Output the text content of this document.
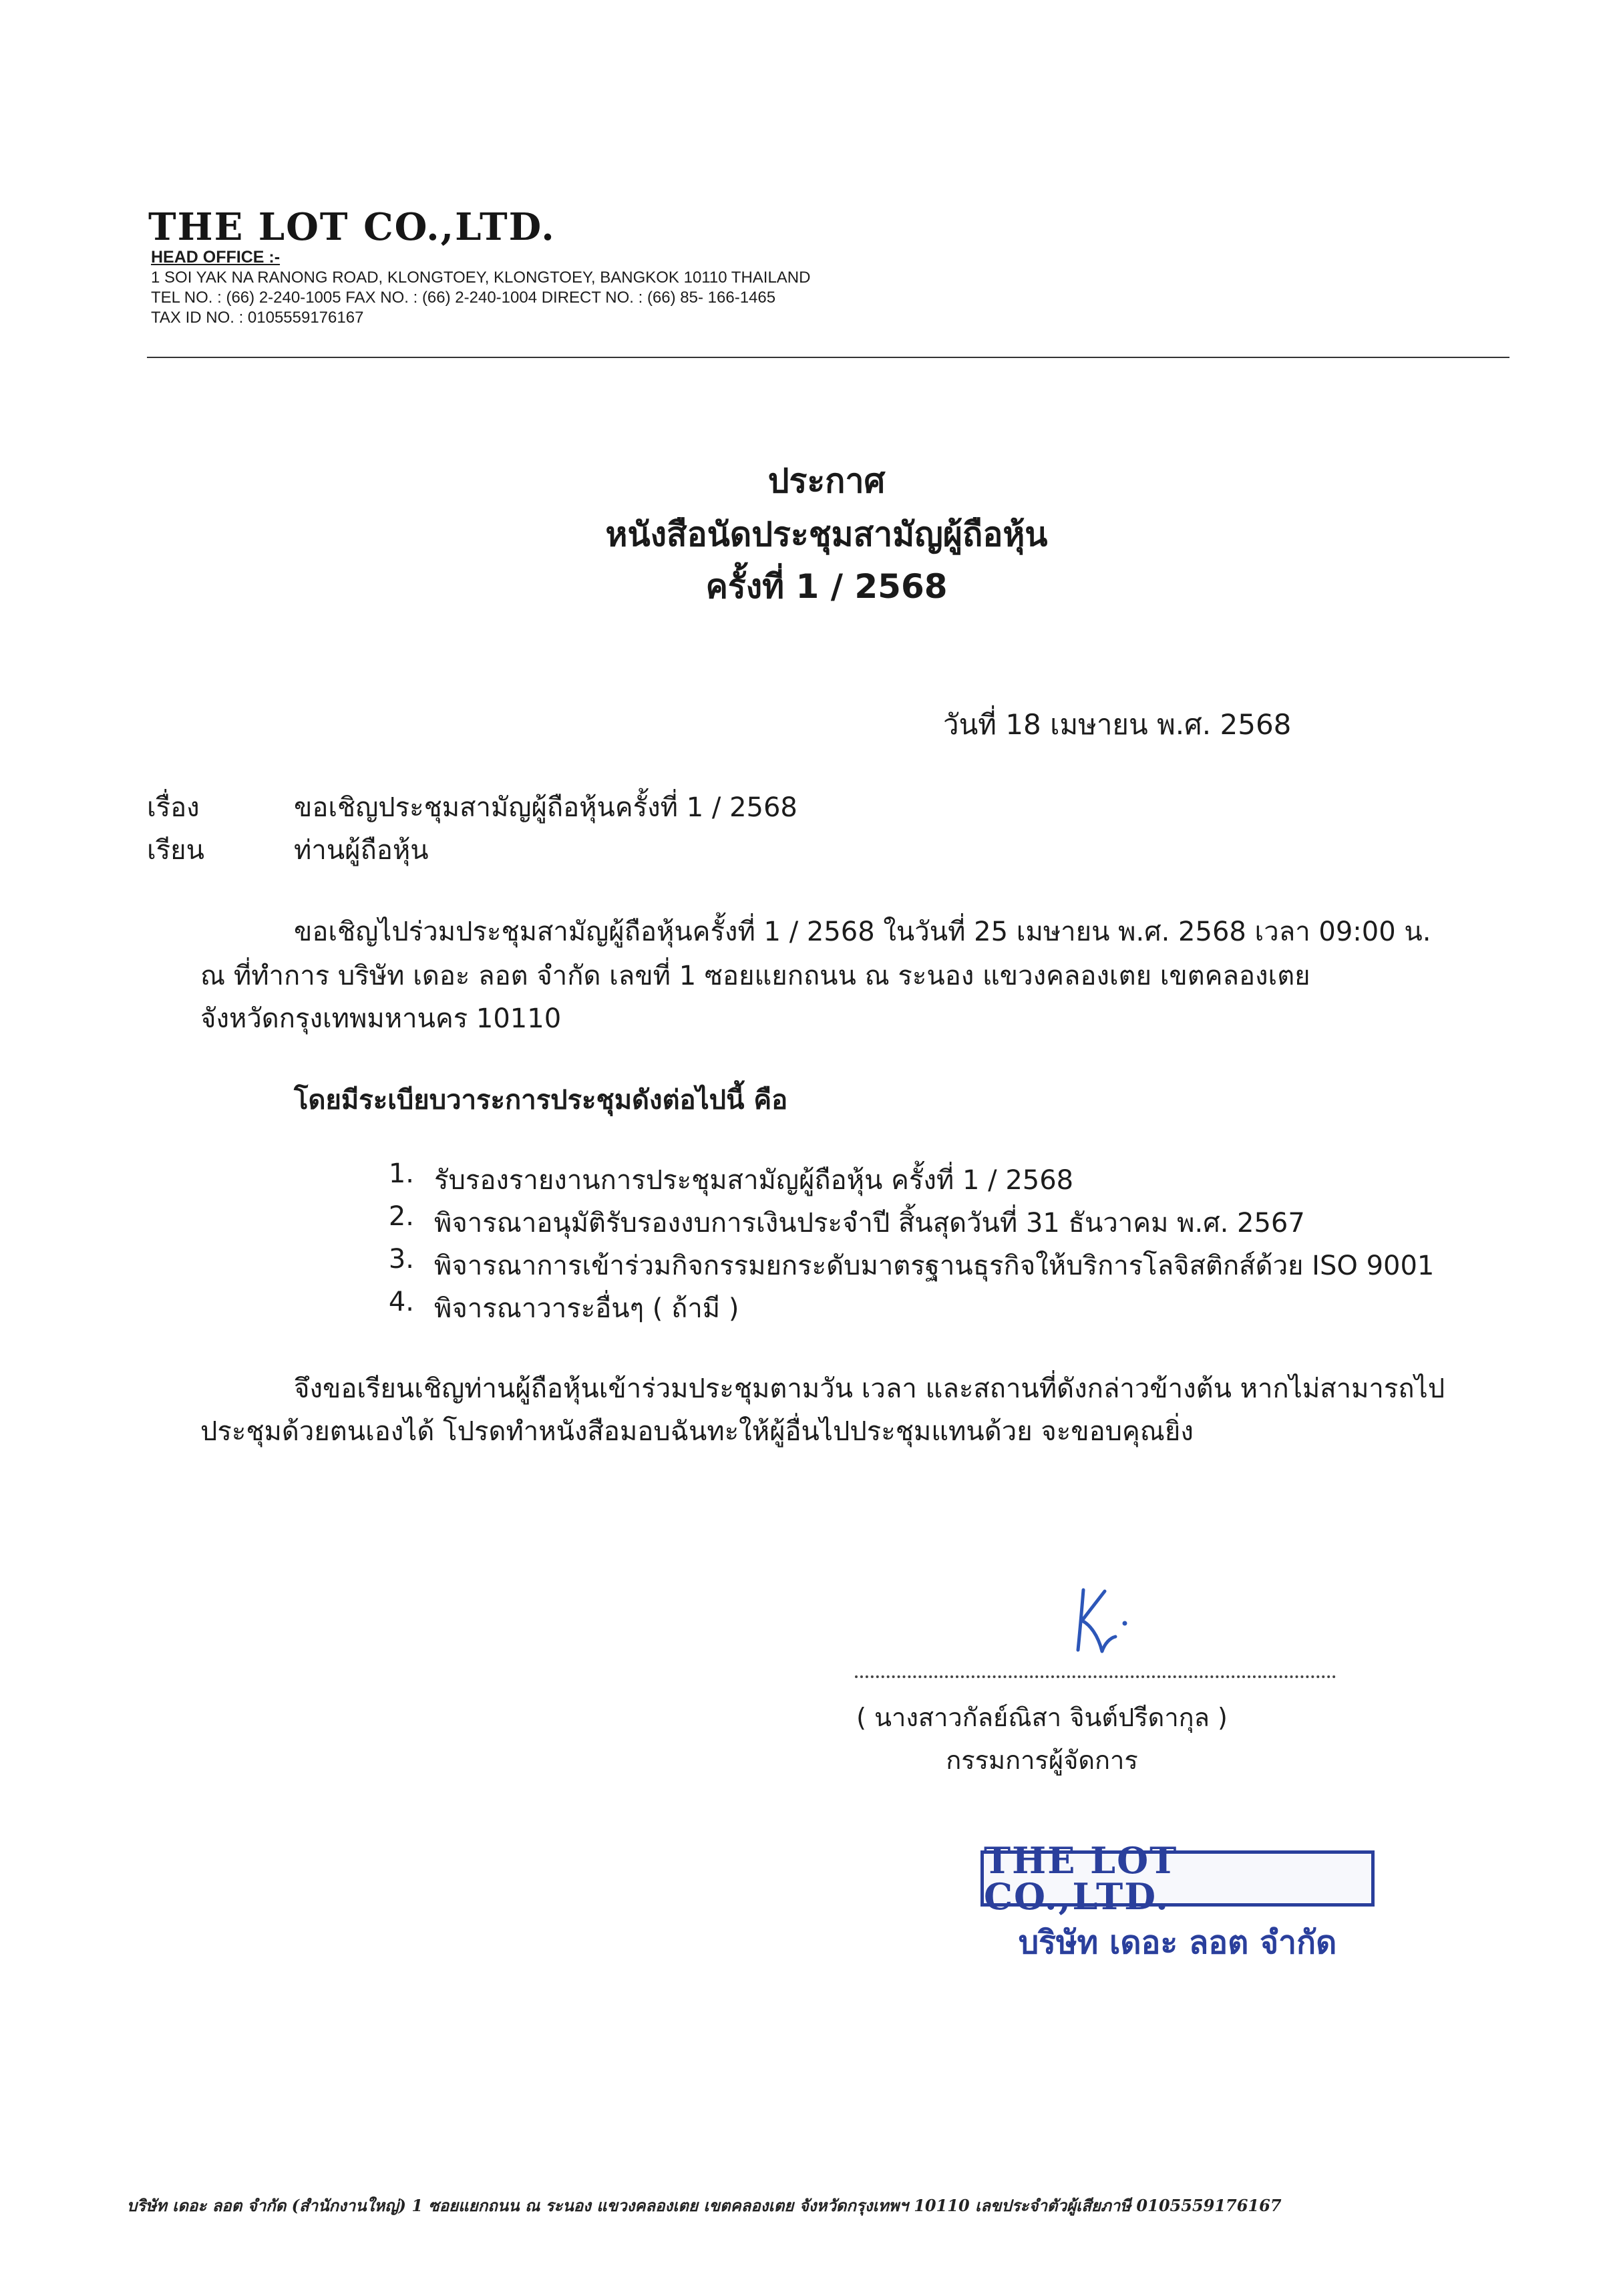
THE LOT CO.,LTD.
HEAD OFFICE :-
1 SOI YAK NA RANONG ROAD, KLONGTOEY, KLONGTOEY, BANGKOK 10110 THAILAND
TEL NO. : (66) 2-240-1005 FAX NO. : (66) 2-240-1004 DIRECT NO. : (66) 85- 166-1465
TAX ID NO. : 0105559176167
ประกาศ
หนังสือนัดประชุมสามัญผู้ถือหุ้น
ครั้งที่ 1 / 2568
วันที่ 18 เมษายน พ.ศ. 2568
เรื่อง	ขอเชิญประชุมสามัญผู้ถือหุ้นครั้งที่ 1 / 2568
เรียน	ท่านผู้ถือหุ้น
ขอเชิญไปร่วมประชุมสามัญผู้ถือหุ้นครั้งที่ 1 / 2568 ในวันที่ 25 เมษายน พ.ศ. 2568 เวลา 09:00 น.
ณ ที่ทำการ บริษัท เดอะ ลอต จำกัด เลขที่ 1 ซอยแยกถนน ณ ระนอง แขวงคลองเตย เขตคลองเตย
จังหวัดกรุงเทพมหานคร 10110
โดยมีระเบียบวาระการประชุมดังต่อไปนี้ คือ
1. รับรองรายงานการประชุมสามัญผู้ถือหุ้น ครั้งที่ 1 / 2568
2. พิจารณาอนุมัติรับรองงบการเงินประจำปี สิ้นสุดวันที่ 31 ธันวาคม พ.ศ. 2567
3. พิจารณาการเข้าร่วมกิจกรรมยกระดับมาตรฐานธุรกิจให้บริการโลจิสติกส์ด้วย ISO 9001
4. พิจารณาวาระอื่นๆ ( ถ้ามี )
จึงขอเรียนเชิญท่านผู้ถือหุ้นเข้าร่วมประชุมตามวัน เวลา และสถานที่ดังกล่าวข้างต้น หากไม่สามารถไป
ประชุมด้วยตนเองได้ โปรดทำหนังสือมอบฉันทะให้ผู้อื่นไปประชุมแทนด้วย จะขอบคุณยิ่ง
( นางสาวกัลย์ณิสา จินต์ปรีดากุล )
กรรมการผู้จัดการ
THE LOT CO.,LTD.
บริษัท เดอะ ลอต จำกัด
บริษัท เดอะ ลอต จำกัด (สำนักงานใหญ่) 1 ซอยแยกถนน ณ ระนอง แขวงคลองเตย เขตคลองเตย จังหวัดกรุงเทพฯ 10110 เลขประจำตัวผู้เสียภาษี 0105559176167
